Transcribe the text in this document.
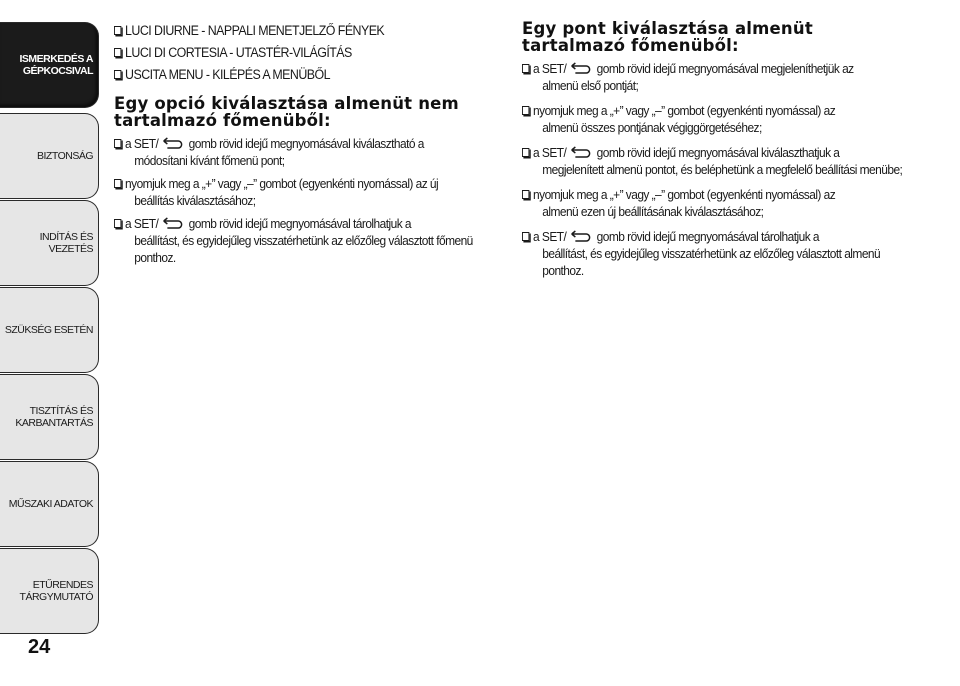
ISMERKEDÉS A
GÉPKOCSIVAL
BIZTONSÁG
INDÍTÁS ÉS VEZETÉS
SZÜKSÉG ESETÉN
TISZTÍTÁS ÉS
KARBANTARTÁS
MŰSZAKI ADATOK
ETŰRENDES
TÁRGYMUTATÓ
24
LUCI DIURNE - NAPPALI MENETJELZŐ FÉNYEK
LUCI DI CORTESIA - UTASTÉR-VILÁGÍTÁS
USCITA MENU - KILÉPÉS A MENÜBŐL
Egy opció kiválasztása almenüt nem tartalmazó főmenüből:
a SET/ gomb rövid idejű megnyomásával kiválasztható a
módosítani kívánt főmenü pont;
nyomjuk meg a „+” vagy „–” gombot (egyenkénti nyomással) az új
beállítás kiválasztásához;
a SET/ gomb rövid idejű megnyomásával tárolhatjuk a
beállítást, és egyidejűleg visszatérhetünk az előzőleg választott főmenü ponthoz.
Egy pont kiválasztása almenüt tartalmazó főmenüből:
a SET/ gomb rövid idejű megnyomásával megjeleníthetjük az
almenü első pontját;
nyomjuk meg a „+” vagy „–” gombot (egyenkénti nyomással) az
almenü összes pontjának végiggörgetéséhez;
a SET/ gomb rövid idejű megnyomásával kiválaszthatjuk a
megjelenített almenü pontot, és beléphetünk a megfelelő beállítási menübe;
nyomjuk meg a „+” vagy „–” gombot (egyenkénti nyomással) az
almenü ezen új beállításának kiválasztásához;
a SET/ gomb rövid idejű megnyomásával tárolhatjuk a
beállítást, és egyidejűleg visszatérhetünk az előzőleg választott almenü ponthoz.
